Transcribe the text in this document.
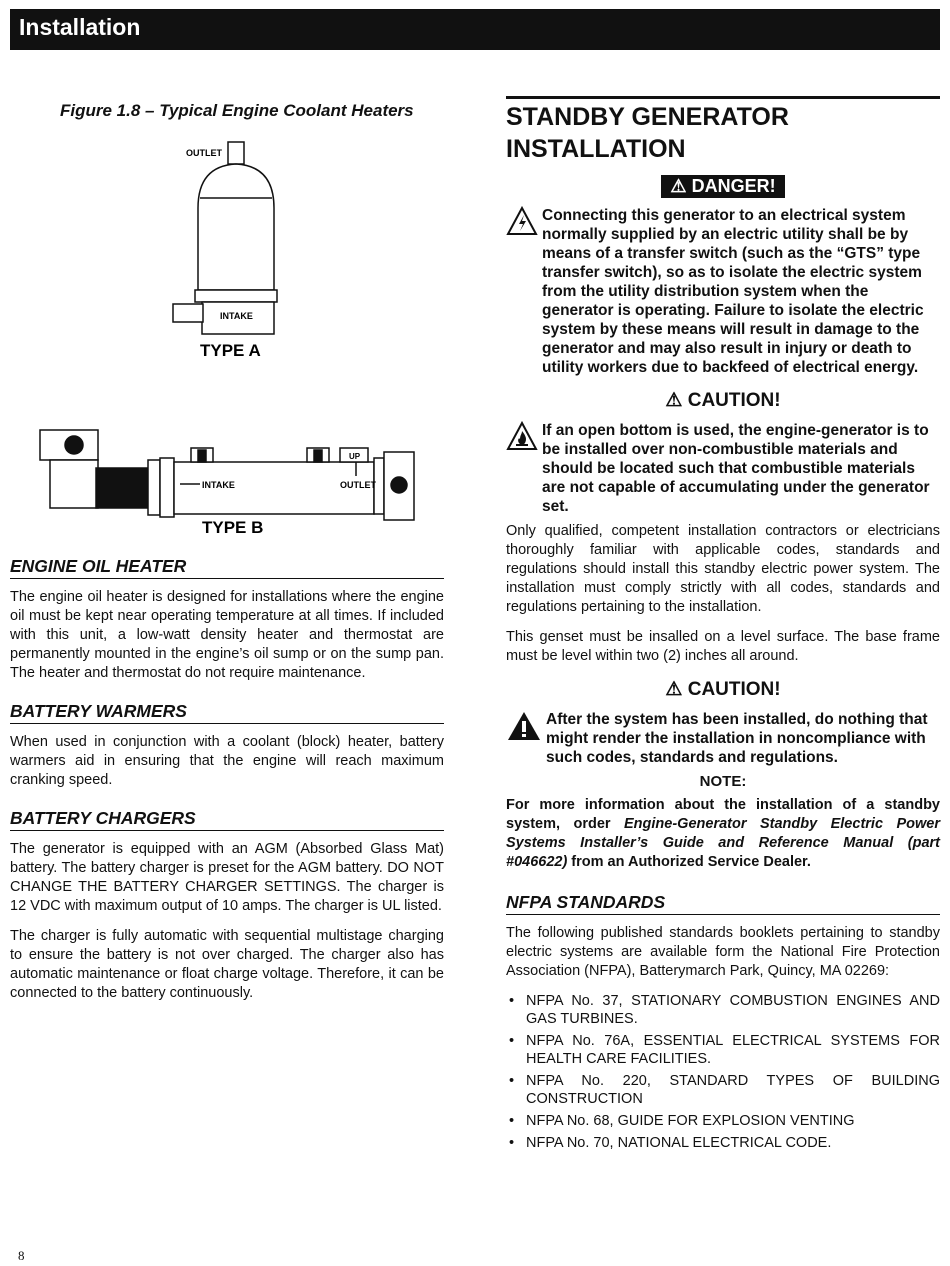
Installation
Figure 1.8 – Typical Engine Coolant Heaters
OUTLET
INTAKE
TYPE A
INTAKE	OUTLET
UP
TYPE B
ENGINE OIL HEATER

The engine oil heater is designed for installations where the engine oil must be kept near operating temperature at all times. If included with this unit, a low-watt density heater and thermostat are permanently mounted in the engine’s oil sump or on the sump pan. The heater and thermostat do not require maintenance.

BATTERY WARMERS

When used in conjunction with a coolant (block) heater, battery warmers aid in ensuring that the engine will reach maximum cranking speed.

BATTERY CHARGERS

The generator is equipped with an AGM (Absorbed Glass Mat) battery. The battery charger is preset for the AGM battery. DO NOT CHANGE THE BATTERY CHARGER SETTINGS. The charger is 12 VDC with maximum output of 10 amps. The charger is UL listed.

The charger is fully automatic with sequential multistage charging to ensure the battery is not over charged. The charger also has automatic maintenance or float charge voltage. Therefore, it can be connected to the battery continuously.

STANDBY GENERATOR
INSTALLATION
⚠ DANGER!
Connecting this generator to an electrical system normally supplied by an electric utility shall be by means of a transfer switch (such as the “GTS” type transfer switch), so as to isolate the electric system from the utility distribution system when the generator is operating. Failure to isolate the electric system by these means will result in damage to the generator and may also result in injury or death to utility workers due to backfeed of electrical energy.
⚠ CAUTION!
If an open bottom is used, the engine-generator is to be installed over non-combustible materials and should be located such that combustible materials are not capable of accumulating under the generator set.

Only qualified, competent installation contractors or electricians thoroughly familiar with applicable codes, standards and regulations should install this standby electric power system. The installation must comply strictly with all codes, standards and regulations pertaining to the installation.

This genset must be insalled on a level surface. The base frame must be level within two (2) inches all around.

⚠ CAUTION!
After the system has been installed, do nothing that might render the installation in noncompliance with such codes, standards and regulations.
NOTE:

For more information about the installation of a standby system, order Engine-Generator Standby Electric Power Systems Installer’s Guide and Reference Manual (part #046622) from an Authorized Service Dealer.

NFPA STANDARDS

The following published standards booklets pertaining to standby electric systems are available form the National Fire Protection Association (NFPA), Batterymarch Park, Quincy, MA 02269:

• NFPA No. 37, STATIONARY COMBUSTION ENGINES AND GAS TURBINES.
• NFPA No. 76A, ESSENTIAL ELECTRICAL SYSTEMS FOR HEALTH CARE FACILITIES.
• NFPA No. 220, STANDARD TYPES OF BUILDING CONSTRUCTION
• NFPA No. 68, GUIDE FOR EXPLOSION VENTING
• NFPA No. 70, NATIONAL ELECTRICAL CODE.
8
